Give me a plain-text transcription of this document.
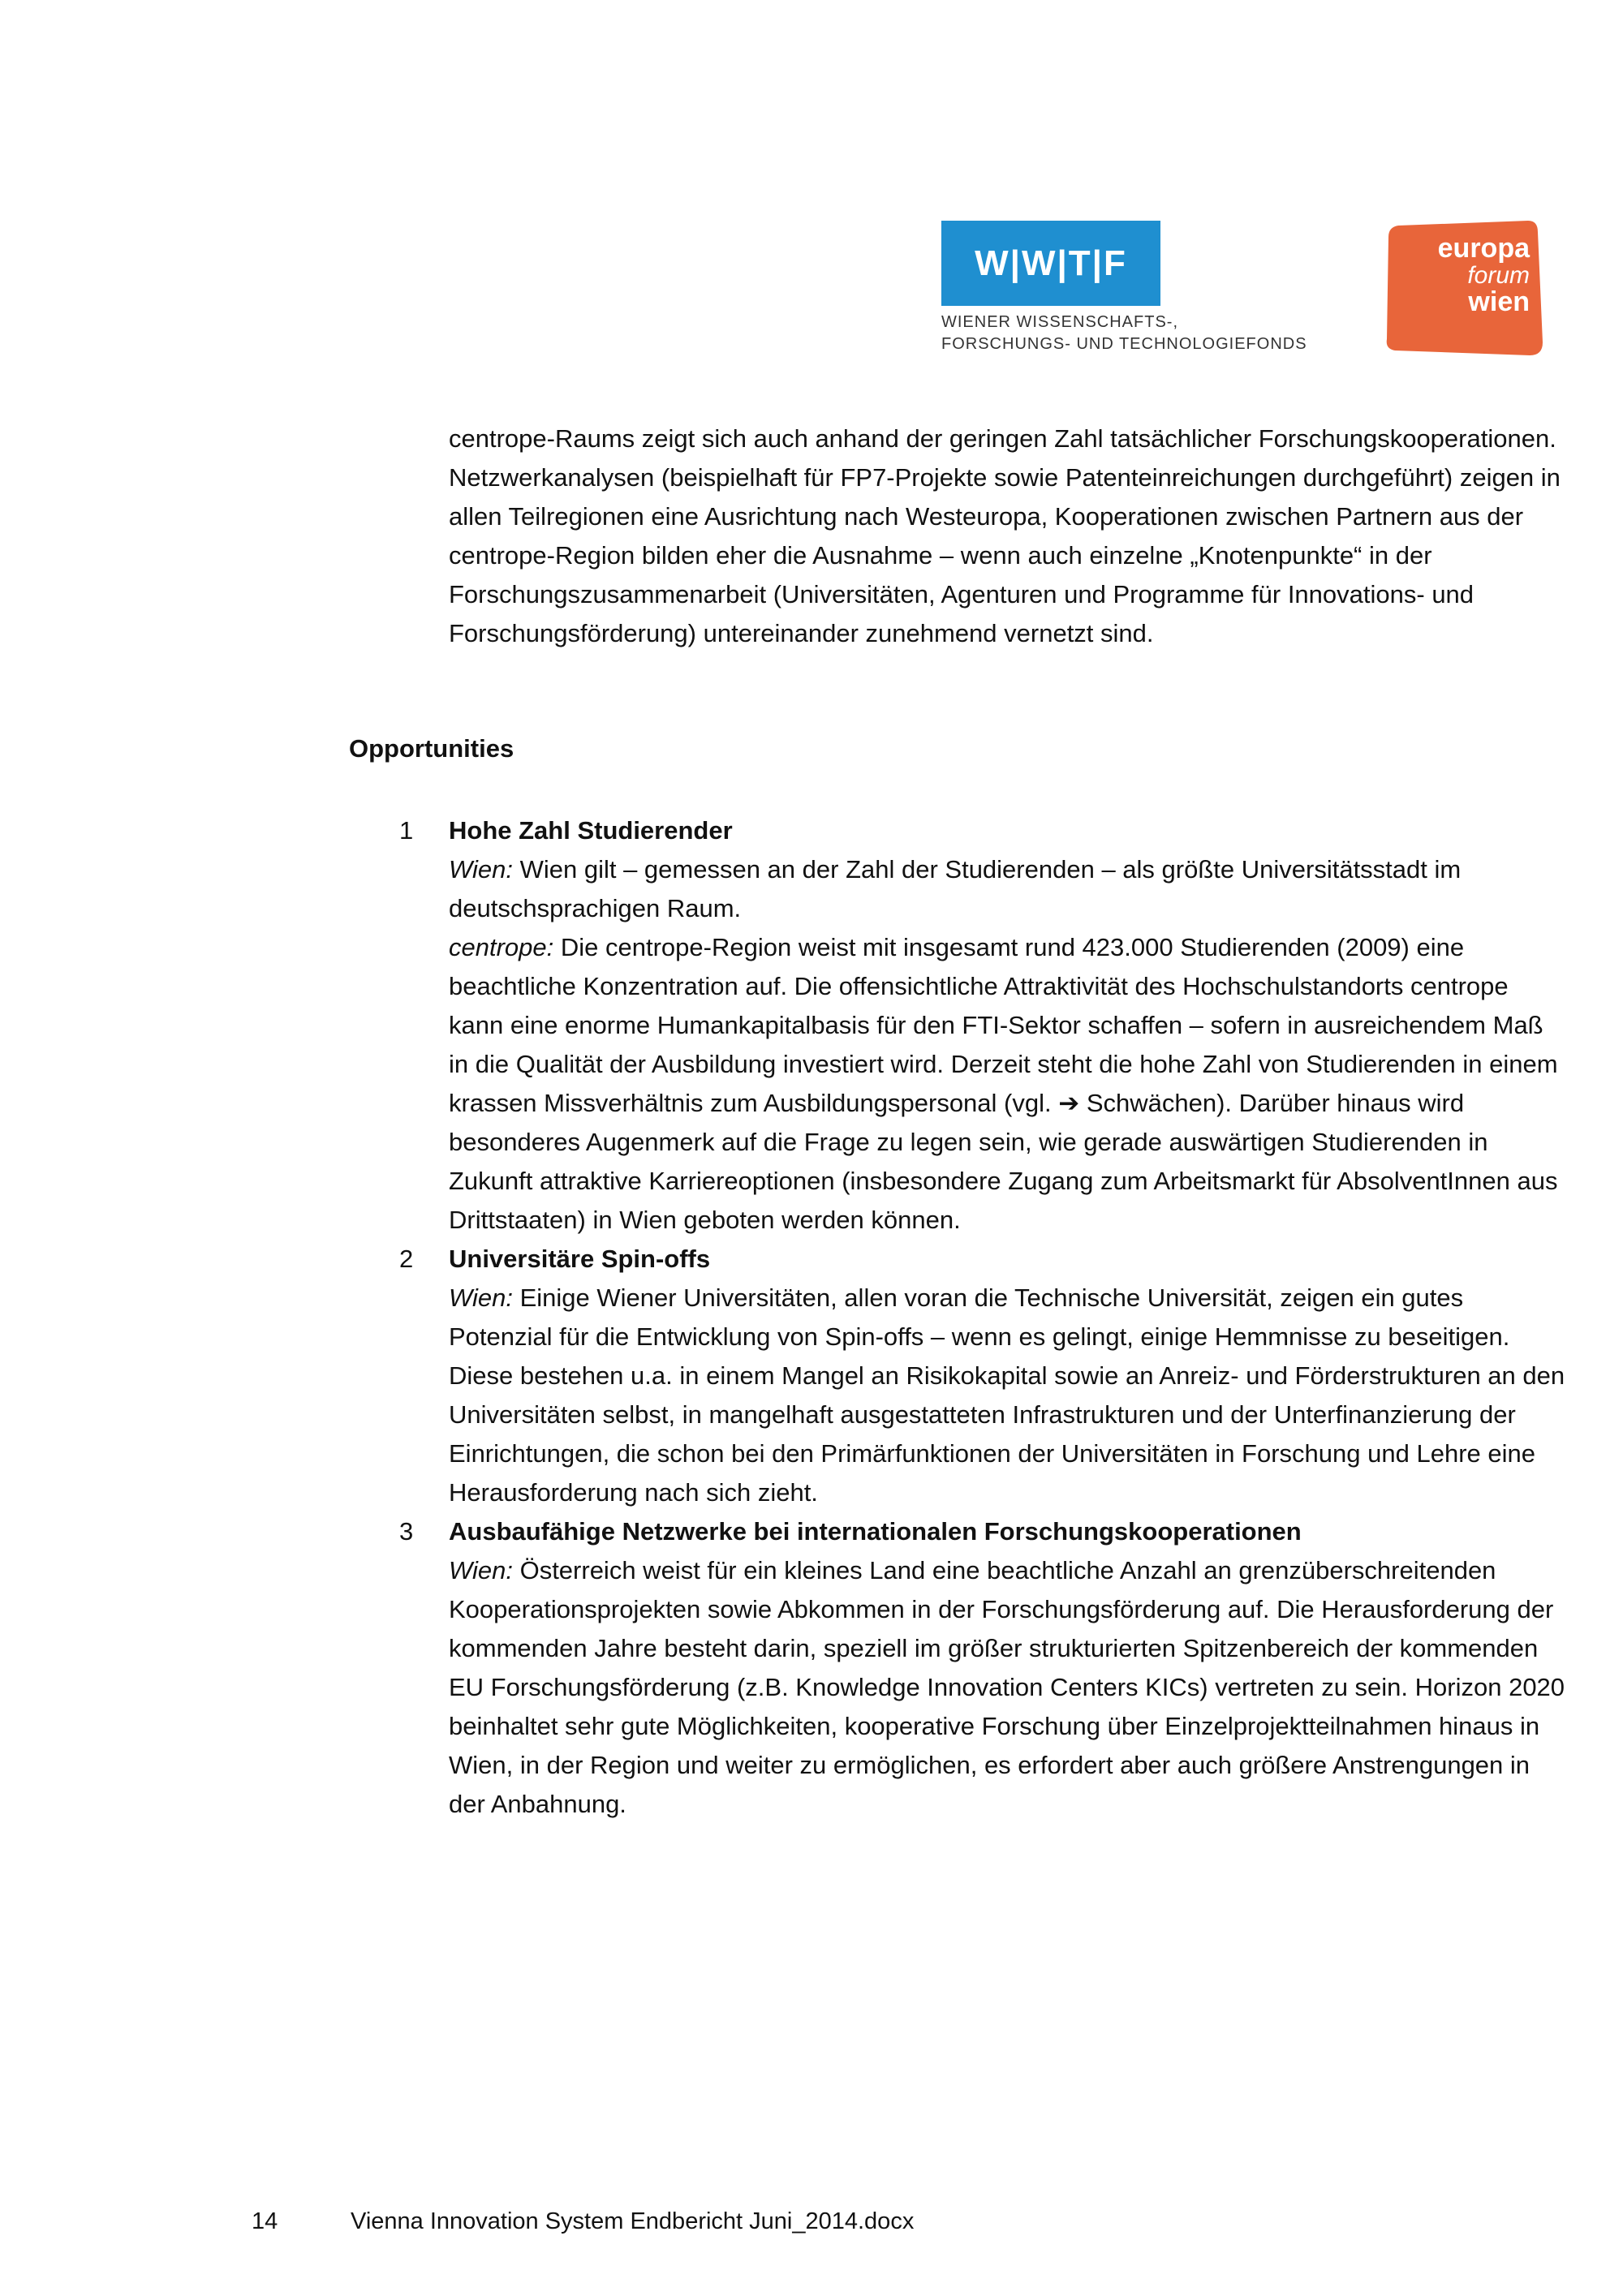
W|W|T|F
WIENER WISSENSCHAFTS-,
FORSCHUNGS- UND TECHNOLOGIEFONDS
europa
forum
wien

centrope-Raums zeigt sich auch anhand der geringen Zahl tatsächlicher Forschungskooperationen. Netzwerkanalysen (beispielhaft für FP7-Projekte sowie Patenteinreichungen durchgeführt) zeigen in allen Teilregionen eine Ausrichtung nach Westeuropa, Kooperationen zwischen Partnern aus der centrope-Region bilden eher die Ausnahme – wenn auch einzelne „Knotenpunkte“ in der Forschungszusammenarbeit (Universitäten, Agenturen und Programme für Innovations- und Forschungsförderung) untereinander zunehmend vernetzt sind.

Opportunities
1 Hohe Zahl Studierender

Wien: Wien gilt – gemessen an der Zahl der Studierenden – als größte Universitätsstadt im deutschsprachigen Raum.
centrope: Die centrope-Region weist mit insgesamt rund 423.000 Studierenden (2009) eine beachtliche Konzentration auf. Die offensichtliche Attraktivität des Hochschulstandorts centrope kann eine enorme Humankapitalbasis für den FTI-Sektor schaffen – sofern in ausreichendem Maß in die Qualität der Ausbildung investiert wird. Derzeit steht die hohe Zahl von Studierenden in einem krassen Missverhältnis zum Ausbildungspersonal (vgl. ➔ Schwächen). Darüber hinaus wird besonderes Augenmerk auf die Frage zu legen sein, wie gerade auswärtigen Studierenden in Zukunft attraktive Karriereoptionen (insbesondere Zugang zum Arbeitsmarkt für AbsolventInnen aus Drittstaaten) in Wien geboten werden können.

2 Universitäre Spin-offs

Wien: Einige Wiener Universitäten, allen voran die Technische Universität, zeigen ein gutes Potenzial für die Entwicklung von Spin-offs – wenn es gelingt, einige Hemmnisse zu beseitigen. Diese bestehen u.a. in einem Mangel an Risikokapital sowie an Anreiz- und Förderstrukturen an den Universitäten selbst, in mangelhaft ausgestatteten Infrastrukturen und der Unterfinanzierung der Einrichtungen, die schon bei den Primärfunktionen der Universitäten in Forschung und Lehre eine Herausforderung nach sich zieht.

3 Ausbaufähige Netzwerke bei internationalen Forschungskooperationen

Wien: Österreich weist für ein kleines Land eine beachtliche Anzahl an grenzüberschreitenden Kooperationsprojekten sowie Abkommen in der Forschungsförderung auf. Die Herausforderung der kommenden Jahre besteht darin, speziell im größer strukturierten Spitzenbereich der kommenden EU Forschungsförderung (z.B. Knowledge Innovation Centers KICs) vertreten zu sein. Horizon 2020 beinhaltet sehr gute Möglichkeiten, kooperative Forschung über Einzelprojektteilnahmen hinaus in Wien, in der Region und weiter zu ermöglichen, es erfordert aber auch größere Anstrengungen in der Anbahnung.

14	Vienna Innovation System Endbericht Juni_2014.docx
